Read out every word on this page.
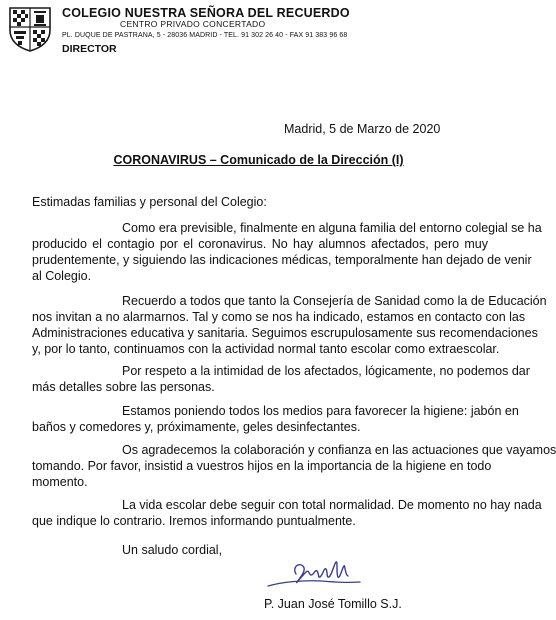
COLEGIO NUESTRA SEÑORA DEL RECUERDO
CENTRO PRIVADO CONCERTADO
PL. DUQUE DE PASTRANA, 5 - 28036 MADRID - TEL. 91 302 26 40 - FAX 91 383 96 68
DIRECTOR
Madrid, 5 de Marzo de 2020
CORONAVIRUS – Comunicado de la Dirección (I)
Estimadas familias y personal del Colegio:
Como era previsible, finalmente en alguna familia del entorno colegial se ha
producido el contagio por el coronavirus. No hay alumnos afectados, pero muy
prudentemente, y siguiendo las indicaciones médicas, temporalmente han dejado de venir
al Colegio.
Recuerdo a todos que tanto la Consejería de Sanidad como la de Educación
nos invitan a no alarmarnos. Tal y como se nos ha indicado, estamos en contacto con las
Administraciones educativa y sanitaria. Seguimos escrupulosamente sus recomendaciones
y, por lo tanto, continuamos con la actividad normal tanto escolar como extraescolar.
Por respeto a la intimidad de los afectados, lógicamente, no podemos dar
más detalles sobre las personas.
Estamos poniendo todos los medios para favorecer la higiene: jabón en
baños y comedores y, próximamente, geles desinfectantes.
Os agradecemos la colaboración y confianza en las actuaciones que vayamos
tomando. Por favor, insistid a vuestros hijos en la importancia de la higiene en todo
momento.
La vida escolar debe seguir con total normalidad. De momento no hay nada
que indique lo contrario. Iremos informando puntualmente.
Un saludo cordial,
P. Juan José Tomillo S.J.
